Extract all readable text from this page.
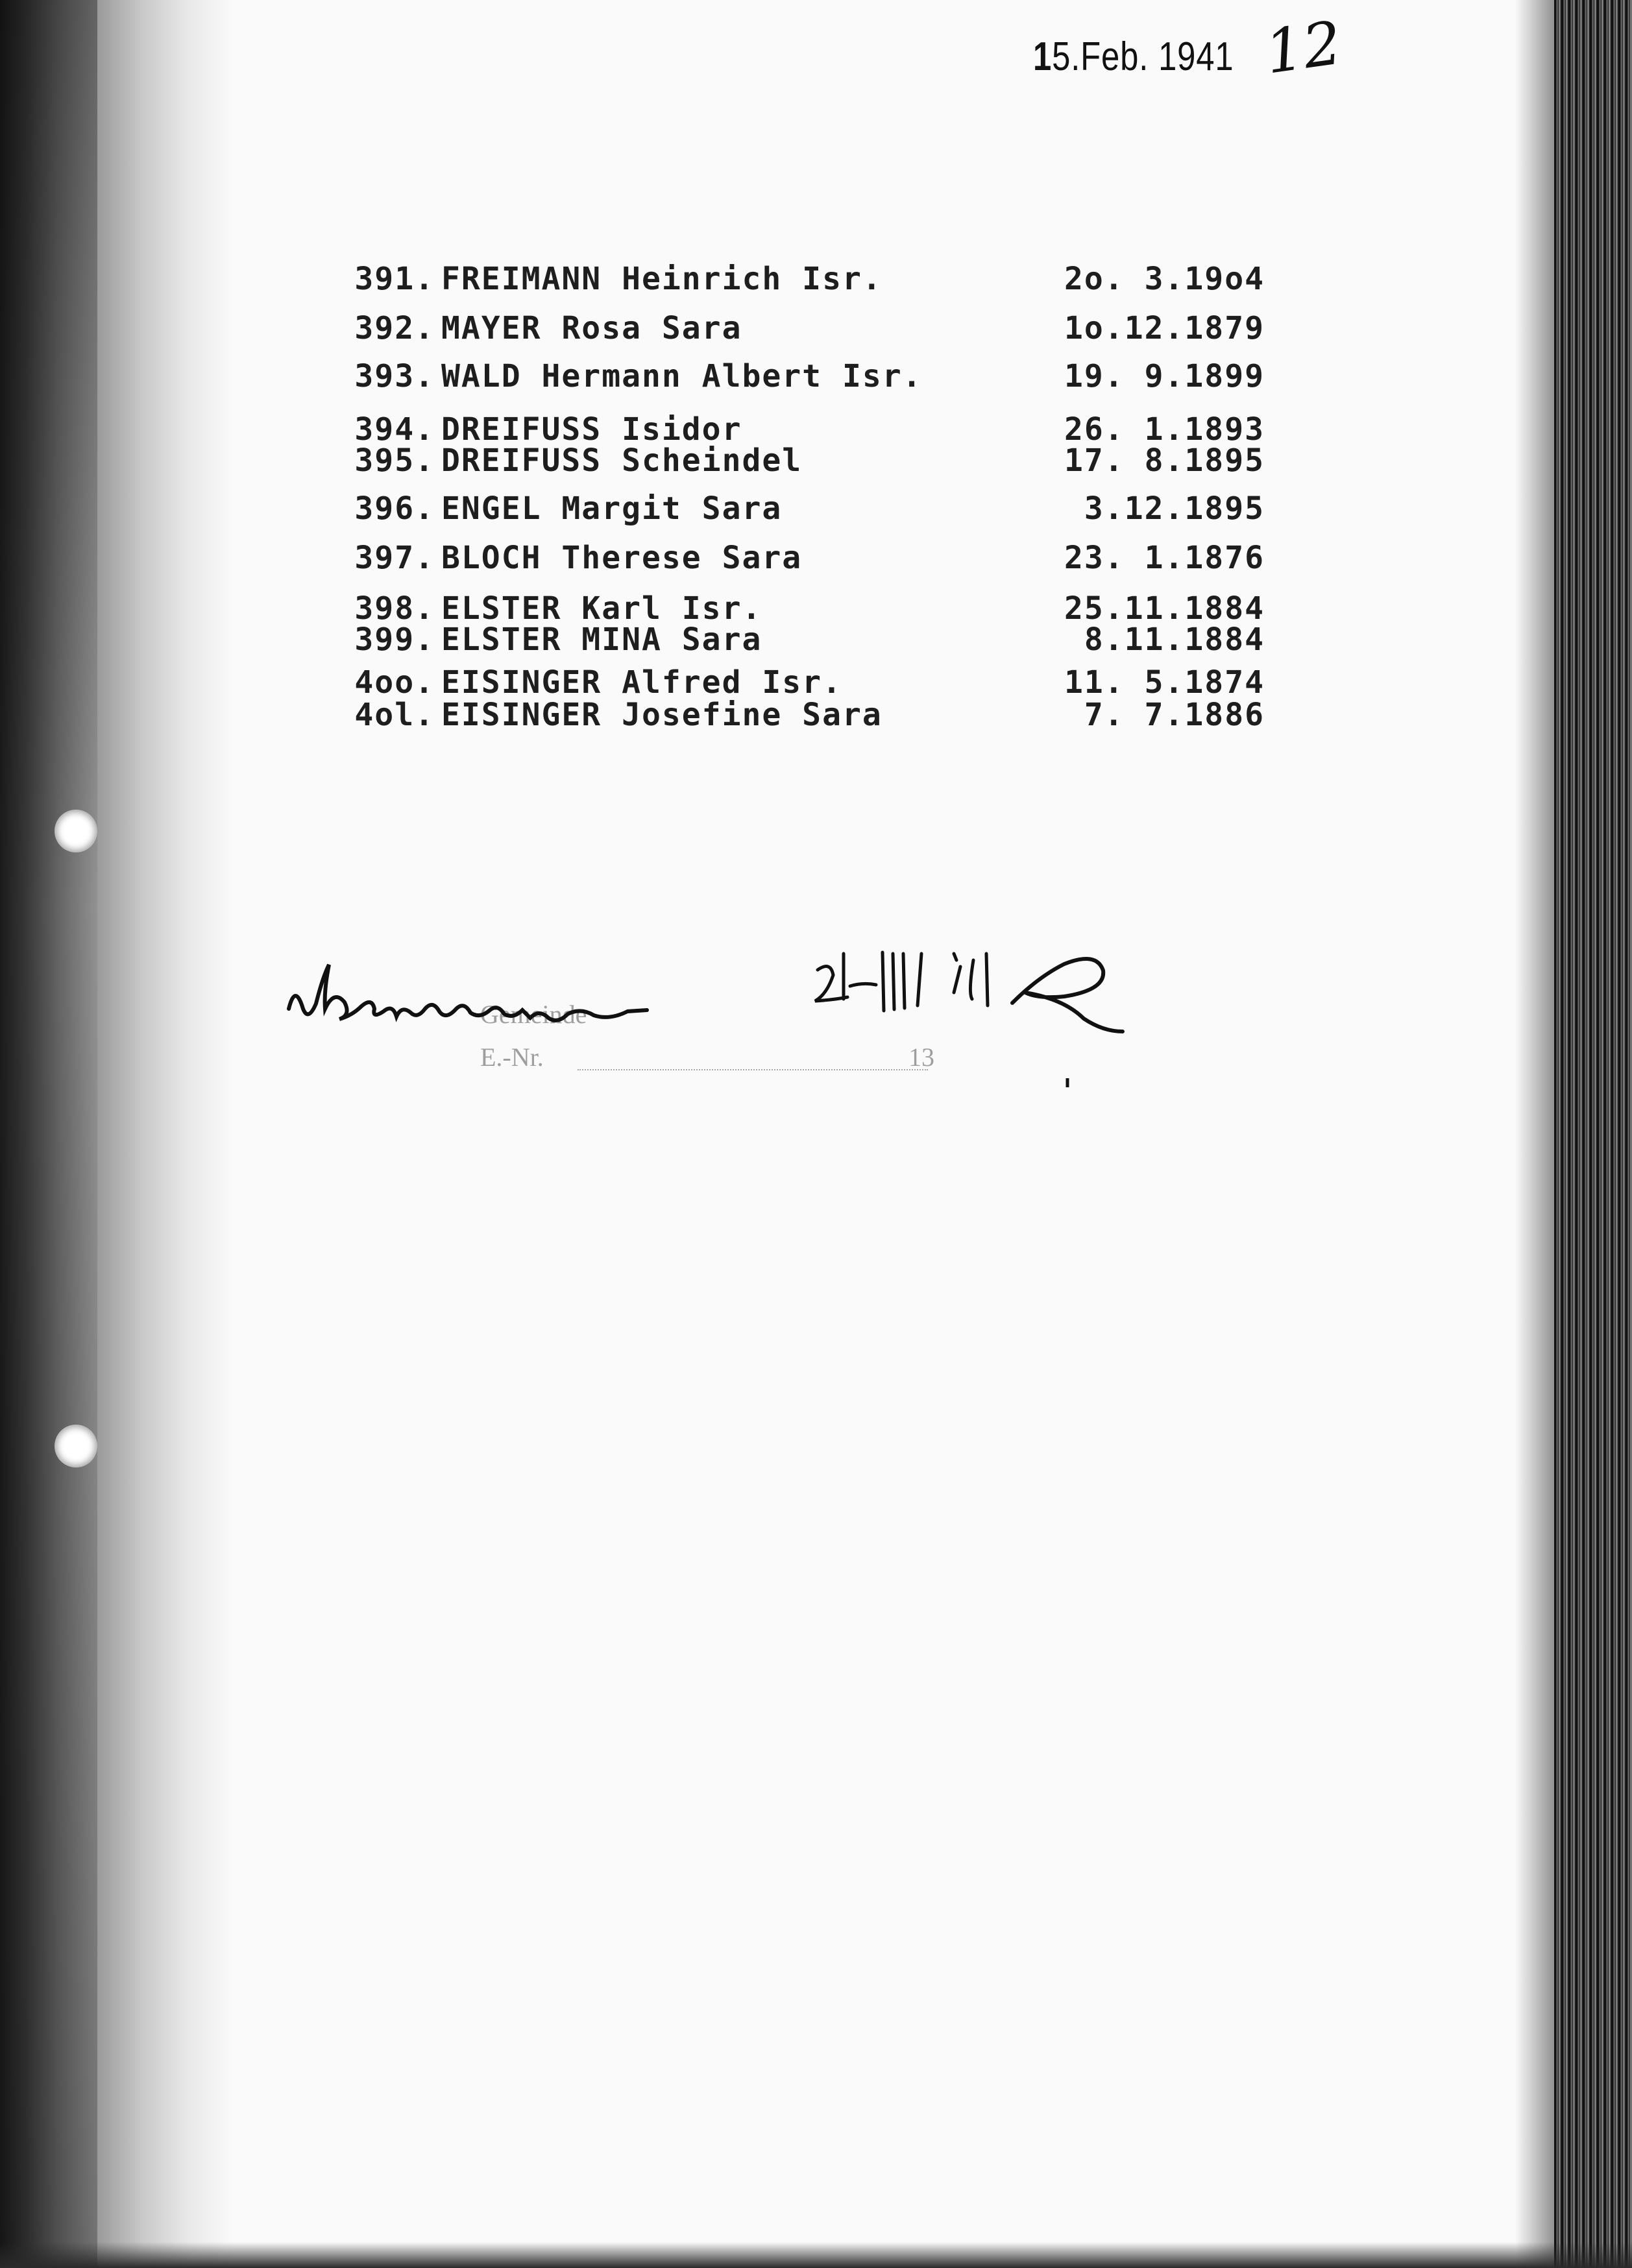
15.Feb. 1941 12
391. FREIMANN Heinrich Isr.	2o. 3.19o4
392. MAYER Rosa Sara	1o.12.1879
393. WALD Hermann Albert Isr.	19. 9.1899
394. DREIFUSS Isidor	26. 1.1893
395. DREIFUSS Scheindel	17. 8.1895
396. ENGEL Margit Sara	3.12.1895
397. BLOCH Therese Sara	23. 1.1876
398. ELSTER Karl Isr.	25.11.1884
399. ELSTER MINA Sara	8.11.1884
4oo. EISINGER Alfred Isr.	11. 5.1874
4ol. EISINGER Josefine Sara	7. 7.1886
Gemeinde
E.-Nr.	13
